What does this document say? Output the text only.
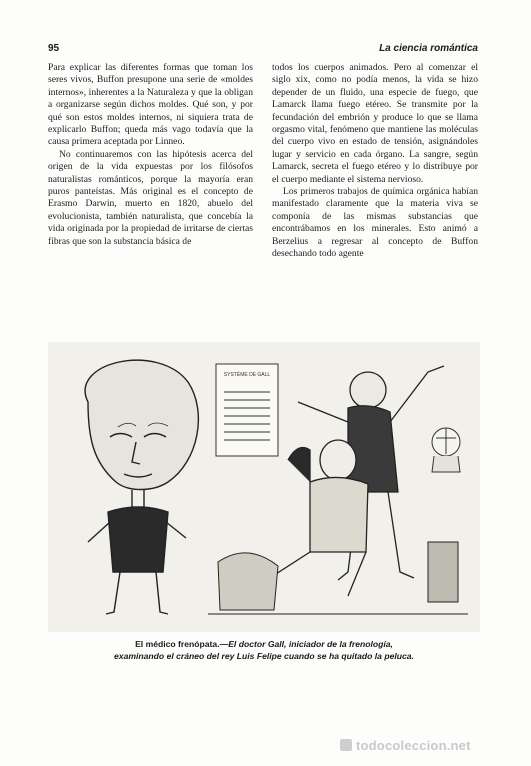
95	La ciencia romántica

Para explicar las diferentes formas que toman los seres vivos, Buffon presupone una serie de «moldes internos», inherentes a la Naturaleza y que la obligan a organizarse según dichos moldes. Qué son, y por qué son estos moldes internos, ni siquiera trata de explicarlo Buffon; queda más vago todavía que la causa primera aceptada por Linneo.

No continuaremos con las hipótesis acerca del origen de la vida expuestas por los filósofos naturalistas románticos, porque la mayoría eran puros panteístas. Más original es el concepto de Erasmo Darwin, muerto en 1820, abuelo del evolucionista, también naturalista, que concebía la vida originada por la propiedad de irritarse de ciertas fibras que son la substancia básica de

todos los cuerpos animados. Pero al comenzar el siglo xix, como no podía menos, la vida se hizo depender de un fluido, una especie de fuego, que Lamarck llama fuego etéreo. Se transmite por la fecundación del embrión y produce lo que se llama orgasmo vital, fenómeno que mantiene las moléculas del cuerpo vivo en estado de tensión, asignándoles lugar y servicio en cada órgano. La sangre, según Lamarck, secreta el fuego etéreo y lo distribuye por el cuerpo mediante el sistema nervioso.

Los primeros trabajos de química orgánica habían manifestado claramente que la materia viva se componía de las mismas substancias que encontrábamos en los minerales. Esto animó a Berzelius a regresar al concepto de Buffon desechando todo agente

SYSTÈME DE GALL
El médico frenópata.—El doctor Gall, iniciador de la frenología,
examinando el cráneo del rey Luis Felipe cuando se ha quitado la peluca.
todocoleccion.net
